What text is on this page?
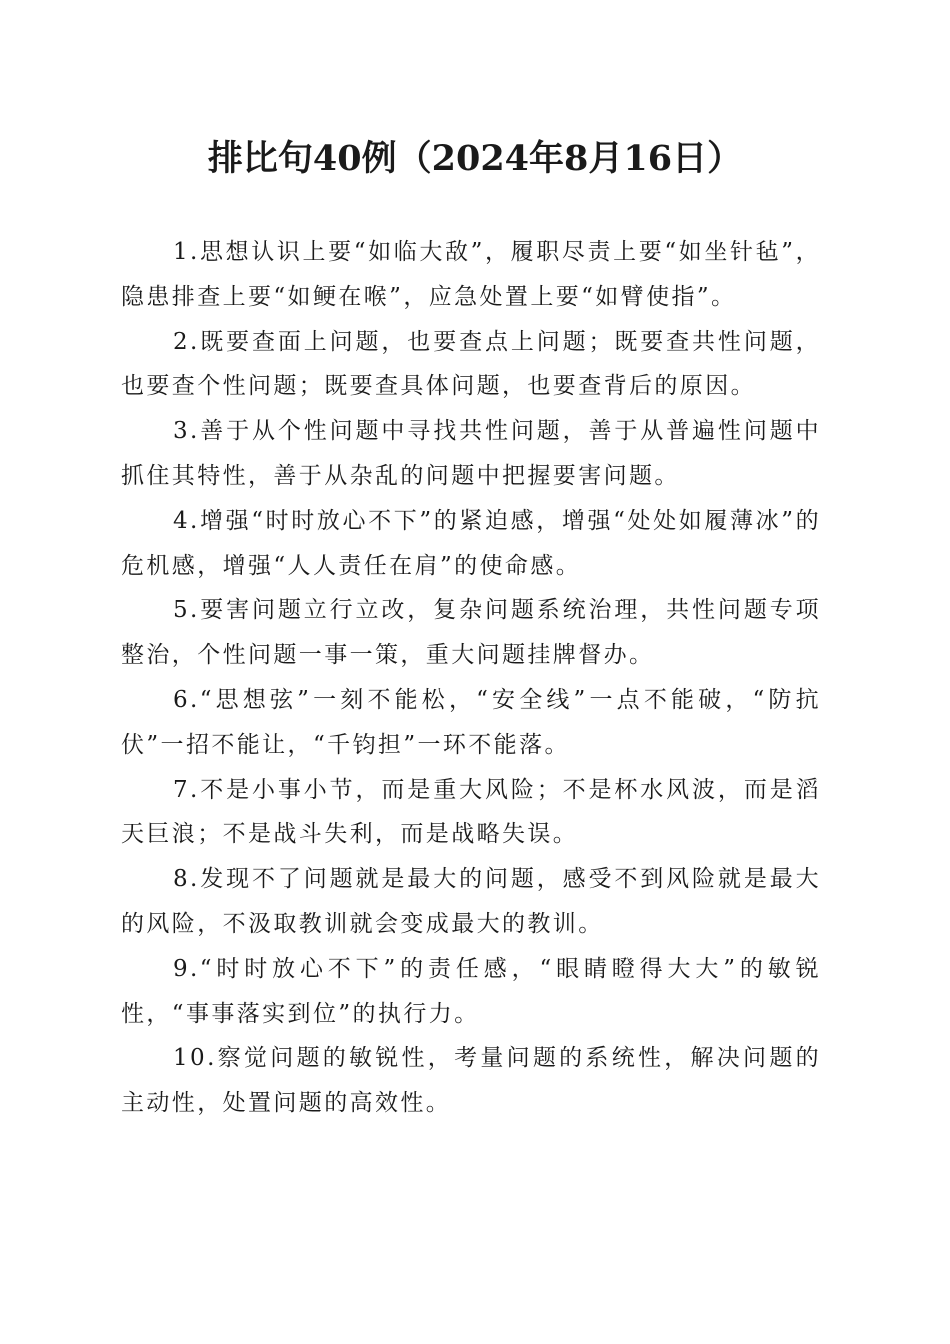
排比句40例（2024年8月16日）

1.思想认识上要“如临大敌”，履职尽责上要“如坐针毡”，隐患排查上要“如鲠在喉”，应急处置上要“如臂使指”。

2.既要查面上问题，也要查点上问题；既要查共性问题，也要查个性问题；既要查具体问题，也要查背后的原因。

3.善于从个性问题中寻找共性问题，善于从普遍性问题中抓住其特性，善于从杂乱的问题中把握要害问题。

4.增强“时时放心不下”的紧迫感，增强“处处如履薄冰”的危机感，增强“人人责任在肩”的使命感。

5.要害问题立行立改，复杂问题系统治理，共性问题专项整治，个性问题一事一策，重大问题挂牌督办。

6.“思想弦”一刻不能松，“安全线”一点不能破，“防抗伏”一招不能让，“千钧担”一环不能落。

7.不是小事小节，而是重大风险；不是杯水风波，而是滔天巨浪；不是战斗失利，而是战略失误。

8.发现不了问题就是最大的问题，感受不到风险就是最大的风险，不汲取教训就会变成最大的教训。

9.“时时放心不下”的责任感，“眼睛瞪得大大”的敏锐性，“事事落实到位”的执行力。

10.察觉问题的敏锐性，考量问题的系统性，解决问题的主动性，处置问题的高效性。
